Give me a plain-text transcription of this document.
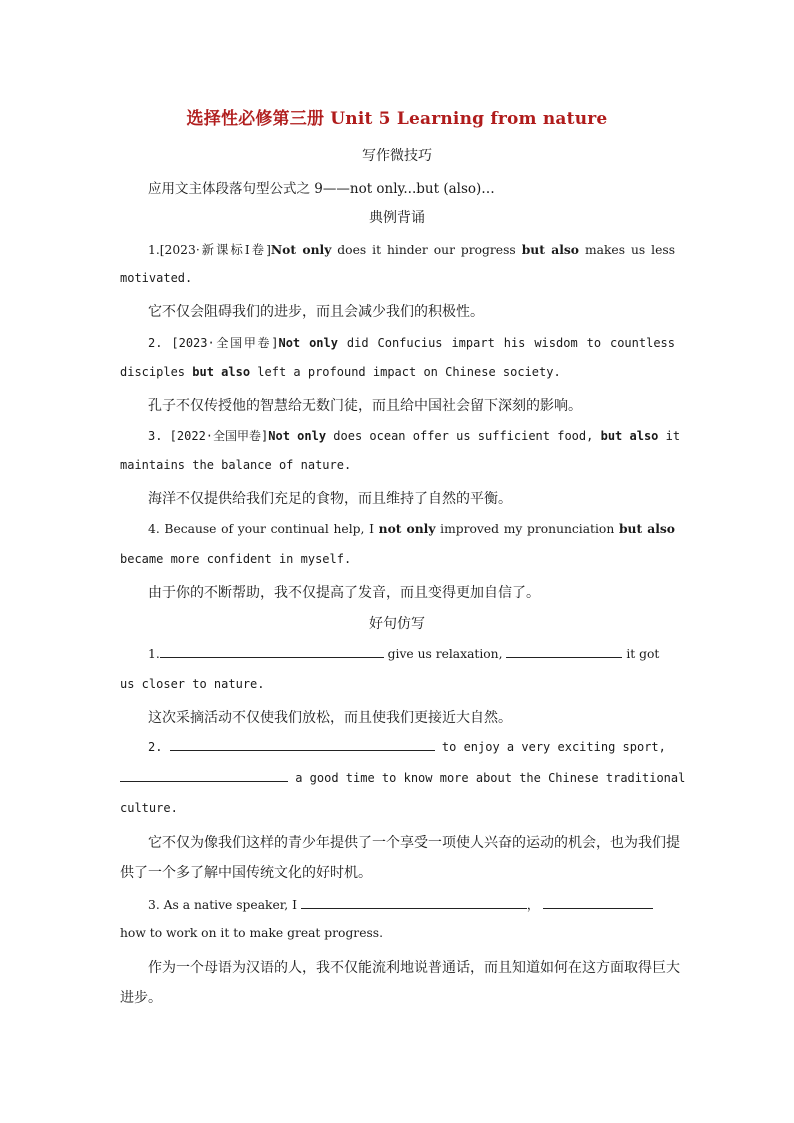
选择性必修第三册 Unit 5 Learning from nature
写作微技巧
应用文主体段落句型公式之 9——not only...but (also)…
典例背诵
1.[2023·新课标Ⅰ卷]Not only does it hinder our progress but also makes us less
motivated.
它不仅会阻碍我们的进步，而且会减少我们的积极性。
2. [2023·全国甲卷]Not only did Confucius impart his wisdom to countless
disciples but also left a profound impact on Chinese society.
孔子不仅传授他的智慧给无数门徒，而且给中国社会留下深刻的影响。
3. [2022·全国甲卷]Not only does ocean offer us sufficient food, but also it
maintains the balance of nature.
海洋不仅提供给我们充足的食物，而且维持了自然的平衡。
4. Because of your continual help, I not only improved my pronunciation but also
became more confident in myself.
由于你的不断帮助，我不仅提高了发音，而且变得更加自信了。
好句仿写
1.	give us relaxation,	it got
us closer to nature.
这次采摘活动不仅使我们放松，而且使我们更接近大自然。
2.	to enjoy a very exciting sport,
a good time to know more about the Chinese traditional
culture.
它不仅为像我们这样的青少年提供了一个享受一项使人兴奋的运动的机会，也为我们提
供了一个多了解中国传统文化的好时机。
3. As a native speaker, I	，
how to work on it to make great progress.
作为一个母语为汉语的人，我不仅能流利地说普通话，而且知道如何在这方面取得巨大
进步。
